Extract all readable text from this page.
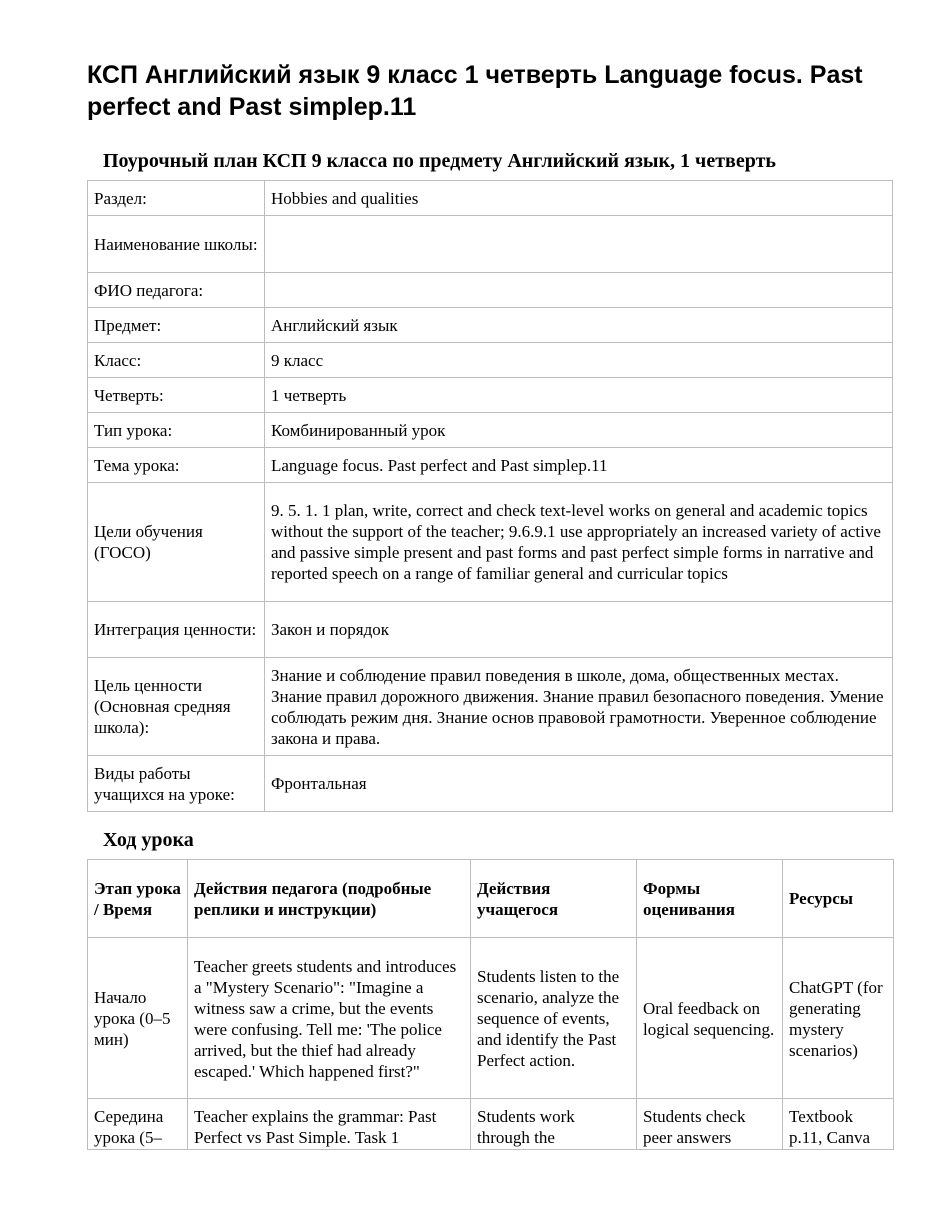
КСП Английский язык 9 класс 1 четверть Language focus. Past perfect and Past simplep.11
Поурочный план КСП 9 класса по предмету Английский язык, 1 четверть
Раздел:	Hobbies and qualities
Наименование школы:	
ФИО педагога:	
Предмет:	Английский язык
Класс:	9 класс
Четверть:	1 четверть
Тип урока:	Комбинированный урок
Тема урока:	Language focus. Past perfect and Past simplep.11
Цели обучения (ГОСО)	9. 5. 1. 1 plan, write, correct and check text-level works on general and academic topics without the support of the teacher; 9.6.9.1 use appropriately an increased variety of active and passive simple present and past forms and past perfect simple forms in narrative and reported speech on a range of familiar general and curricular topics
Интеграция ценности:	Закон и порядок
Цель ценности (Основная средняя школа):	Знание и соблюдение правил поведения в школе, дома, общественных местах. Знание правил дорожного движения. Знание правил безопасного поведения. Умение соблюдать режим дня. Знание основ правовой грамотности. Уверенное соблюдение закона и права.
Виды работы учащихся на уроке:	Фронтальная
Ход урока
Этап урока / Время	Действия педагога (подробные реплики и инструкции)	Действия учащегося	Формы оценивания	Ресурсы
Начало урока (0–5 мин)	Teacher greets students and introduces a "Mystery Scenario": "Imagine a witness saw a crime, but the events were confusing. Tell me: 'The police arrived, but the thief had already escaped.' Which happened first?"	Students listen to the scenario, analyze the sequence of events, and identify the Past Perfect action.	Oral feedback on logical sequencing.	ChatGPT (for generating mystery scenarios)
Середина урока (5–	Teacher explains the grammar: Past Perfect vs Past Simple. Task 1	Students work through the	Students check peer answers	Textbook p.11, Canva
